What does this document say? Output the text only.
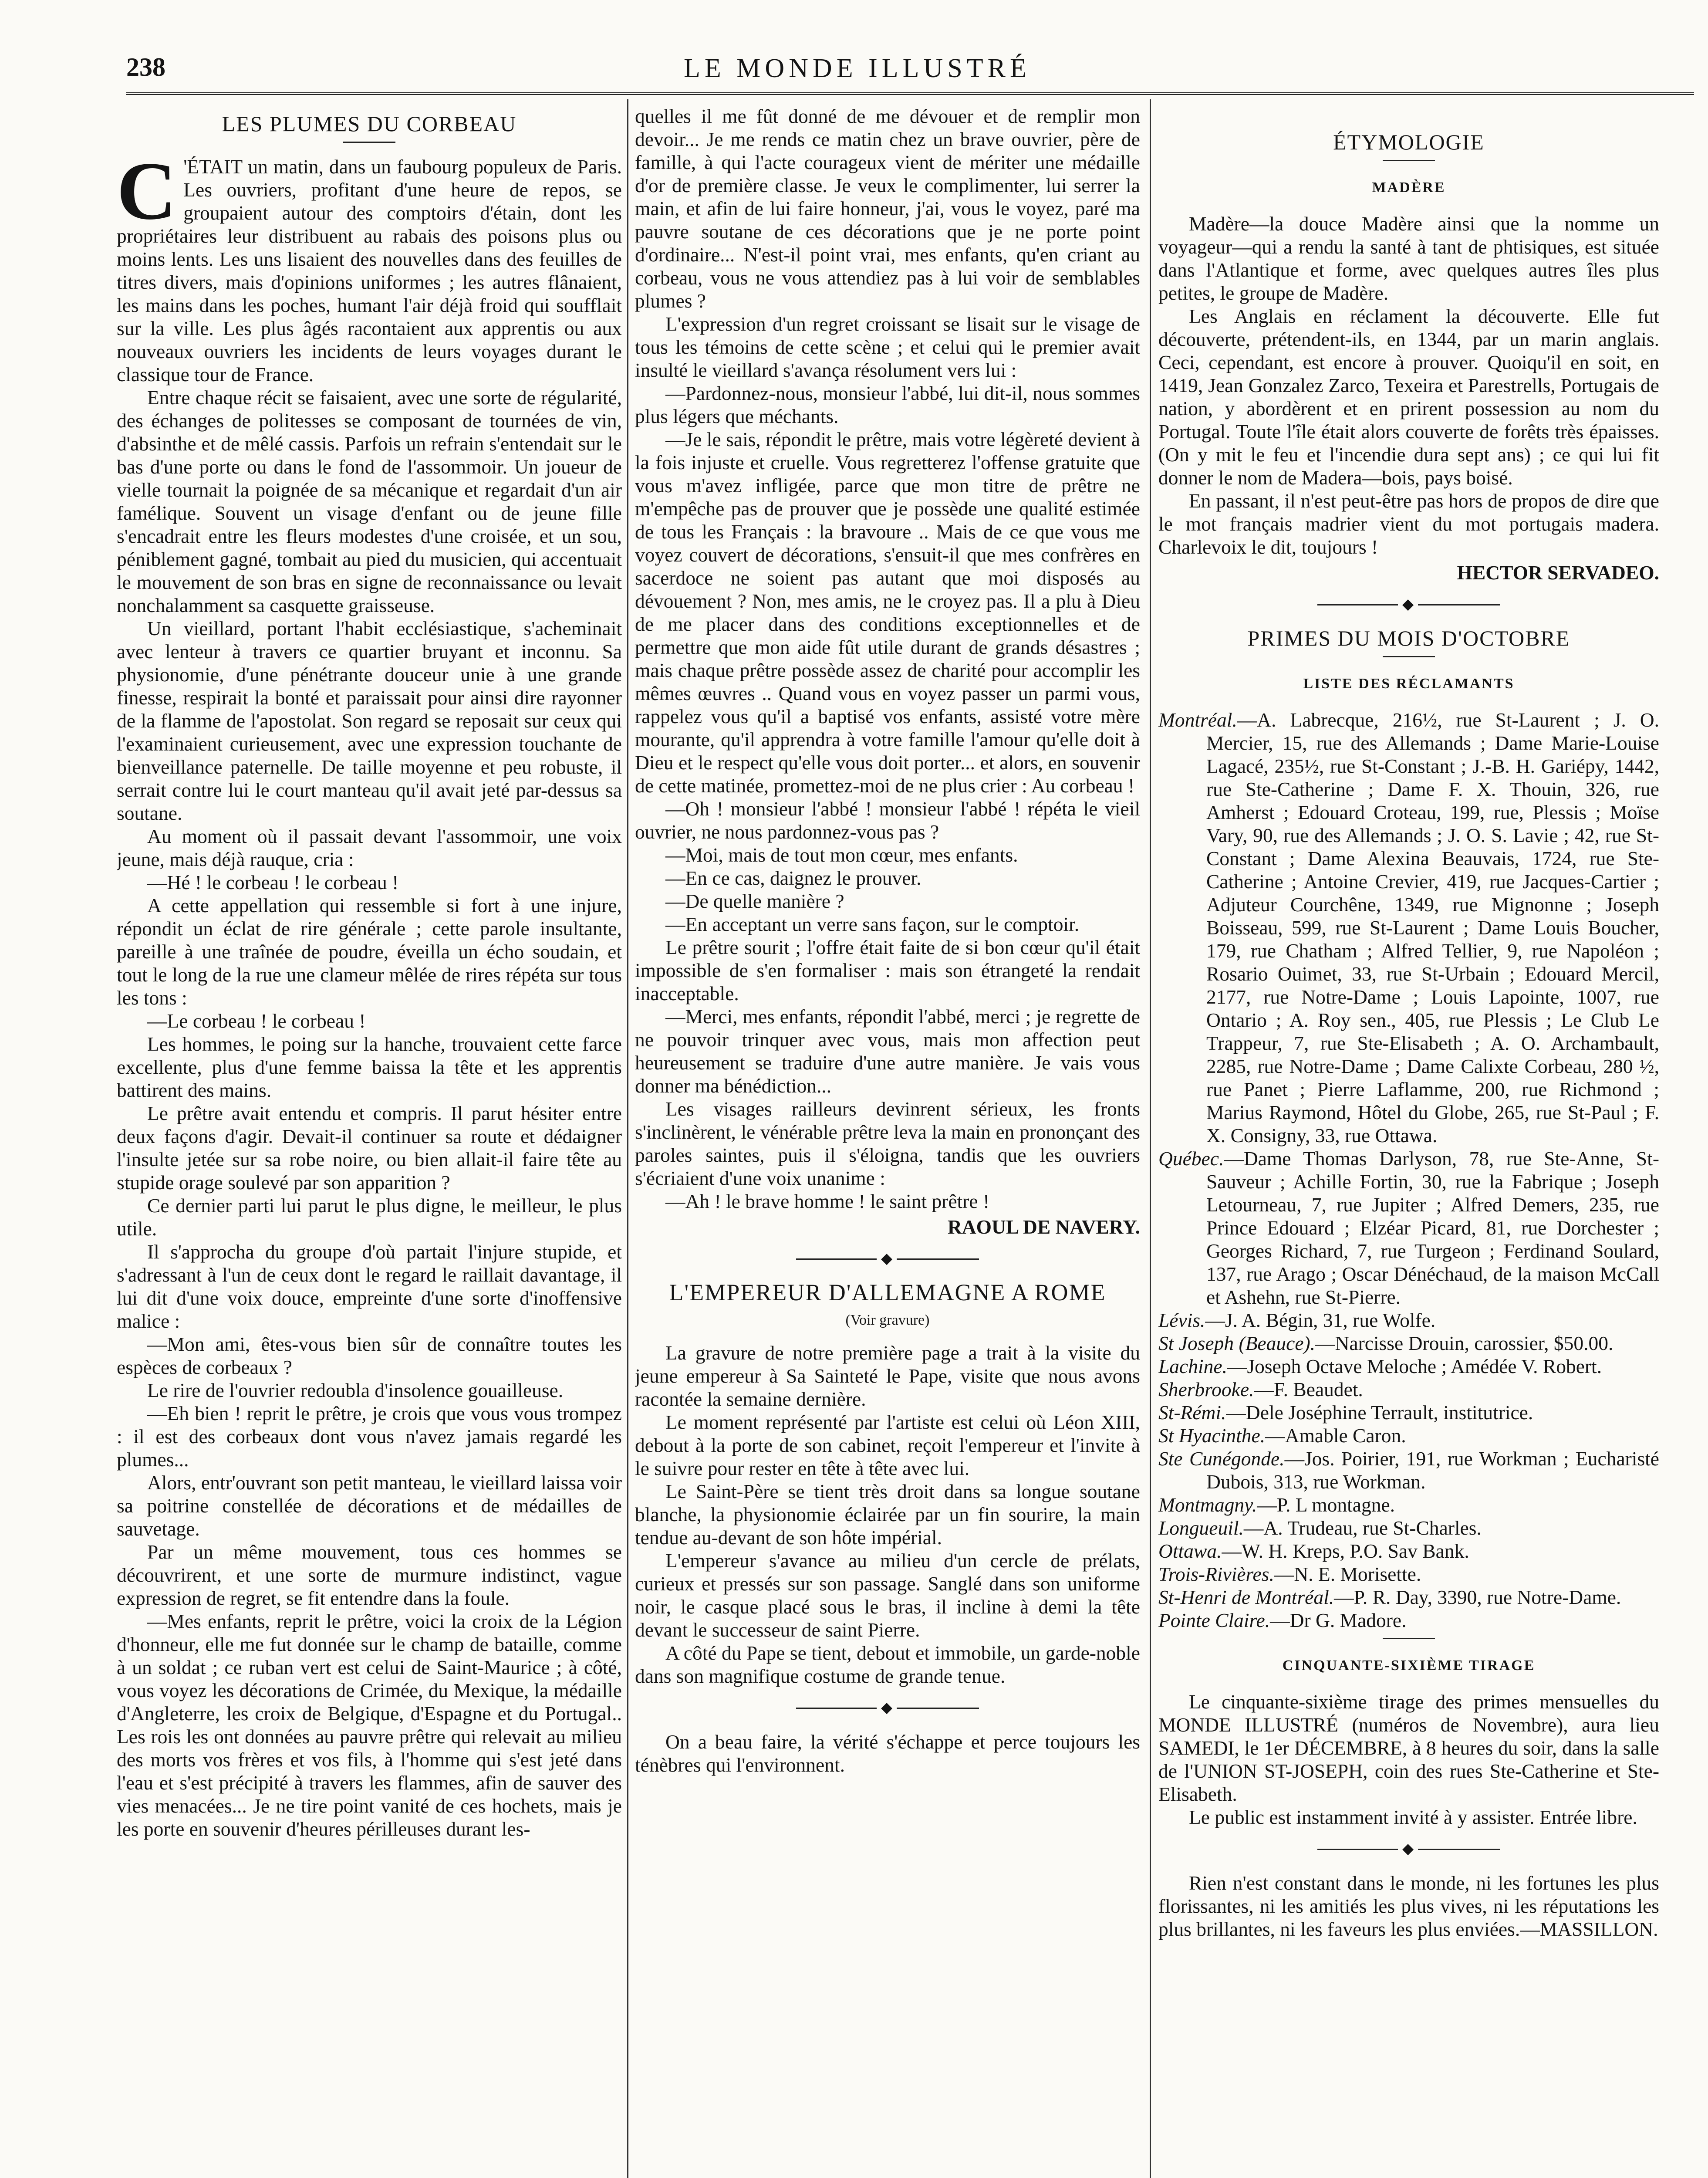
238	LE MONDE ILLUSTRÉ
LES PLUMES DU CORBEAU

C 'ÉTAIT un matin, dans un faubourg populeux de Paris. Les ouvriers, profitant d'une heure de repos, se groupaient autour des comptoirs d'étain, dont les propriétaires leur distribuent au rabais des poisons plus ou moins lents. Les uns lisaient des nouvelles dans des feuilles de titres divers, mais d'opinions uniformes ; les autres flânaient, les mains dans les poches, humant l'air déjà froid qui soufflait sur la ville. Les plus âgés racontaient aux apprentis ou aux nouveaux ouvriers les incidents de leurs voyages durant le classique tour de France.

Entre chaque récit se faisaient, avec une sorte de régularité, des échanges de politesses se composant de tournées de vin, d'absinthe et de mêlé cassis. Parfois un refrain s'entendait sur le bas d'une porte ou dans le fond de l'assommoir. Un joueur de vielle tournait la poignée de sa mécanique et regardait d'un air famélique. Souvent un visage d'enfant ou de jeune fille s'encadrait entre les fleurs modestes d'une croisée, et un sou, péniblement gagné, tombait au pied du musicien, qui accentuait le mouvement de son bras en signe de reconnaissance ou levait nonchalamment sa casquette graisseuse.

Un vieillard, portant l'habit ecclésiastique, s'acheminait avec lenteur à travers ce quartier bruyant et inconnu. Sa physionomie, d'une pénétrante douceur unie à une grande finesse, respirait la bonté et paraissait pour ainsi dire rayonner de la flamme de l'apostolat. Son regard se reposait sur ceux qui l'examinaient curieusement, avec une expression touchante de bienveillance paternelle. De taille moyenne et peu robuste, il serrait contre lui le court manteau qu'il avait jeté par-dessus sa soutane.

Au moment où il passait devant l'assommoir, une voix jeune, mais déjà rauque, cria :

—Hé ! le corbeau ! le corbeau !

A cette appellation qui ressemble si fort à une injure, répondit un éclat de rire générale ; cette parole insultante, pareille à une traînée de poudre, éveilla un écho soudain, et tout le long de la rue une clameur mêlée de rires répéta sur tous les tons :

—Le corbeau ! le corbeau !

Les hommes, le poing sur la hanche, trouvaient cette farce excellente, plus d'une femme baissa la tête et les apprentis battirent des mains.

Le prêtre avait entendu et compris. Il parut hésiter entre deux façons d'agir. Devait-il continuer sa route et dédaigner l'insulte jetée sur sa robe noire, ou bien allait-il faire tête au stupide orage soulevé par son apparition ?

Ce dernier parti lui parut le plus digne, le meilleur, le plus utile.

Il s'approcha du groupe d'où partait l'injure stupide, et s'adressant à l'un de ceux dont le regard le raillait davantage, il lui dit d'une voix douce, empreinte d'une sorte d'inoffensive malice :

—Mon ami, êtes-vous bien sûr de connaître toutes les espèces de corbeaux ?

Le rire de l'ouvrier redoubla d'insolence gouailleuse.

—Eh bien ! reprit le prêtre, je crois que vous vous trompez : il est des corbeaux dont vous n'avez jamais regardé les plumes...

Alors, entr'ouvrant son petit manteau, le vieillard laissa voir sa poitrine constellée de décorations et de médailles de sauvetage.

Par un même mouvement, tous ces hommes se découvrirent, et une sorte de murmure indistinct, vague expression de regret, se fit entendre dans la foule.

—Mes enfants, reprit le prêtre, voici la croix de la Légion d'honneur, elle me fut donnée sur le champ de bataille, comme à un soldat ; ce ruban vert est celui de Saint-Maurice ; à côté, vous voyez les décorations de Crimée, du Mexique, la médaille d'Angleterre, les croix de Belgique, d'Espagne et du Portugal.. Les rois les ont données au pauvre prêtre qui relevait au milieu des morts vos frères et vos fils, à l'homme qui s'est jeté dans l'eau et s'est précipité à travers les flammes, afin de sauver des vies menacées... Je ne tire point vanité de ces hochets, mais je les porte en souvenir d'heures périlleuses durant les-

quelles il me fût donné de me dévouer et de remplir mon devoir... Je me rends ce matin chez un brave ouvrier, père de famille, à qui l'acte courageux vient de mériter une médaille d'or de première classe. Je veux le complimenter, lui serrer la main, et afin de lui faire honneur, j'ai, vous le voyez, paré ma pauvre soutane de ces décorations que je ne porte point d'ordinaire... N'est-il point vrai, mes enfants, qu'en criant au corbeau, vous ne vous attendiez pas à lui voir de semblables plumes ?

L'expression d'un regret croissant se lisait sur le visage de tous les témoins de cette scène ; et celui qui le premier avait insulté le vieillard s'avança résolument vers lui :

—Pardonnez-nous, monsieur l'abbé, lui dit-il, nous sommes plus légers que méchants.

—Je le sais, répondit le prêtre, mais votre légèreté devient à la fois injuste et cruelle. Vous regretterez l'offense gratuite que vous m'avez infligée, parce que mon titre de prêtre ne m'empêche pas de prouver que je possède une qualité estimée de tous les Français : la bravoure .. Mais de ce que vous me voyez couvert de décorations, s'ensuit-il que mes confrères en sacerdoce ne soient pas autant que moi disposés au dévouement ? Non, mes amis, ne le croyez pas. Il a plu à Dieu de me placer dans des conditions exceptionnelles et de permettre que mon aide fût utile durant de grands désastres ; mais chaque prêtre possède assez de charité pour accomplir les mêmes œuvres .. Quand vous en voyez passer un parmi vous, rappelez vous qu'il a baptisé vos enfants, assisté votre mère mourante, qu'il apprendra à votre famille l'amour qu'elle doit à Dieu et le respect qu'elle vous doit porter... et alors, en souvenir de cette matinée, promettez-moi de ne plus crier : Au corbeau !

—Oh ! monsieur l'abbé ! monsieur l'abbé ! répéta le vieil ouvrier, ne nous pardonnez-vous pas ?

—Moi, mais de tout mon cœur, mes enfants.

—En ce cas, daignez le prouver.

—De quelle manière ?

—En acceptant un verre sans façon, sur le comptoir.

Le prêtre sourit ; l'offre était faite de si bon cœur qu'il était impossible de s'en formaliser : mais son étrangeté la rendait inacceptable.

—Merci, mes enfants, répondit l'abbé, merci ; je regrette de ne pouvoir trinquer avec vous, mais mon affection peut heureusement se traduire d'une autre manière. Je vais vous donner ma bénédiction...

Les visages railleurs devinrent sérieux, les fronts s'inclinèrent, le vénérable prêtre leva la main en prononçant des paroles saintes, puis il s'éloigna, tandis que les ouvriers s'écriaient d'une voix unanime :

—Ah ! le brave homme ! le saint prêtre !

RAOUL DE NAVERY.
◆
L'EMPEREUR D'ALLEMAGNE A ROME
(Voir gravure)

La gravure de notre première page a trait à la visite du jeune empereur à Sa Sainteté le Pape, visite que nous avons racontée la semaine dernière.

Le moment représenté par l'artiste est celui où Léon XIII, debout à la porte de son cabinet, reçoit l'empereur et l'invite à le suivre pour rester en tête à tête avec lui.

Le Saint-Père se tient très droit dans sa longue soutane blanche, la physionomie éclairée par un fin sourire, la main tendue au-devant de son hôte impérial.

L'empereur s'avance au milieu d'un cercle de prélats, curieux et pressés sur son passage. Sanglé dans son uniforme noir, le casque placé sous le bras, il incline à demi la tête devant le successeur de saint Pierre.

A côté du Pape se tient, debout et immobile, un garde-noble dans son magnifique costume de grande tenue.

◆

On a beau faire, la vérité s'échappe et perce toujours les ténèbres qui l'environnent.

ÉTYMOLOGIE
MADÈRE

Madère—la douce Madère ainsi que la nomme un voyageur—qui a rendu la santé à tant de phtisiques, est située dans l'Atlantique et forme, avec quelques autres îles plus petites, le groupe de Madère.

Les Anglais en réclament la découverte. Elle fut découverte, prétendent-ils, en 1344, par un marin anglais. Ceci, cependant, est encore à prouver. Quoiqu'il en soit, en 1419, Jean Gonzalez Zarco, Texeira et Parestrells, Portugais de nation, y abordèrent et en prirent possession au nom du Portugal. Toute l'île était alors couverte de forêts très épaisses. (On y mit le feu et l'incendie dura sept ans) ; ce qui lui fit donner le nom de Madera—bois, pays boisé.

En passant, il n'est peut-être pas hors de propos de dire que le mot français madrier vient du mot portugais madera. Charlevoix le dit, toujours !

HECTOR SERVADEO.
◆
PRIMES DU MOIS D'OCTOBRE
LISTE DES RÉCLAMANTS

Montréal.—A. Labrecque, 216½, rue St-Laurent ; J. O. Mercier, 15, rue des Allemands ; Dame Marie-Louise Lagacé, 235½, rue St-Constant ; J.-B. H. Gariépy, 1442, rue Ste-Catherine ; Dame F. X. Thouin, 326, rue Amherst ; Edouard Croteau, 199, rue, Plessis ; Moïse Vary, 90, rue des Allemands ; J. O. S. Lavie ; 42, rue St-Constant ; Dame Alexina Beauvais, 1724, rue Ste-Catherine ; Antoine Crevier, 419, rue Jacques-Cartier ; Adjuteur Courchêne, 1349, rue Mignonne ; Joseph Boisseau, 599, rue St-Laurent ; Dame Louis Boucher, 179, rue Chatham ; Alfred Tellier, 9, rue Napoléon ; Rosario Ouimet, 33, rue St-Urbain ; Edouard Mercil, 2177, rue Notre-Dame ; Louis Lapointe, 1007, rue Ontario ; A. Roy sen., 405, rue Plessis ; Le Club Le Trappeur, 7, rue Ste-Elisabeth ; A. O. Archambault, 2285, rue Notre-Dame ; Dame Calixte Corbeau, 280 ½, rue Panet ; Pierre Laflamme, 200, rue Richmond ; Marius Raymond, Hôtel du Globe, 265, rue St-Paul ; F. X. Consigny, 33, rue Ottawa.

Québec.—Dame Thomas Darlyson, 78, rue Ste-Anne, St-Sauveur ; Achille Fortin, 30, rue la Fabrique ; Joseph Letourneau, 7, rue Jupiter ; Alfred Demers, 235, rue Prince Edouard ; Elzéar Picard, 81, rue Dorchester ; Georges Richard, 7, rue Turgeon ; Ferdinand Soulard, 137, rue Arago ; Oscar Dénéchaud, de la maison McCall et Ashehn, rue St-Pierre.

Lévis.—J. A. Bégin, 31, rue Wolfe.

St Joseph (Beauce).—Narcisse Drouin, carossier, $50.00.

Lachine.—Joseph Octave Meloche ; Amédée V. Robert.

Sherbrooke.—F. Beaudet.

St-Rémi.—Dele Joséphine Terrault, institutrice.

St Hyacinthe.—Amable Caron.

Ste Cunégonde.—Jos. Poirier, 191, rue Workman ; Eucharisté Dubois, 313, rue Workman.

Montmagny.—P. L montagne.

Longueuil.—A. Trudeau, rue St-Charles.

Ottawa.—W. H. Kreps, P.O. Sav Bank.

Trois-Rivières.—N. E. Morisette.

St-Henri de Montréal.—P. R. Day, 3390, rue Notre-Dame.

Pointe Claire.—Dr G. Madore.

CINQUANTE-SIXIÈME TIRAGE

Le cinquante-sixième tirage des primes mensuelles du MONDE ILLUSTRÉ (numéros de Novembre), aura lieu SAMEDI, le 1er DÉCEMBRE, à 8 heures du soir, dans la salle de l'UNION ST-JOSEPH, coin des rues Ste-Catherine et Ste-Elisabeth.

Le public est instamment invité à y assister. Entrée libre.

◆

Rien n'est constant dans le monde, ni les fortunes les plus florissantes, ni les amitiés les plus vives, ni les réputations les plus brillantes, ni les faveurs les plus enviées.—MASSILLON.
